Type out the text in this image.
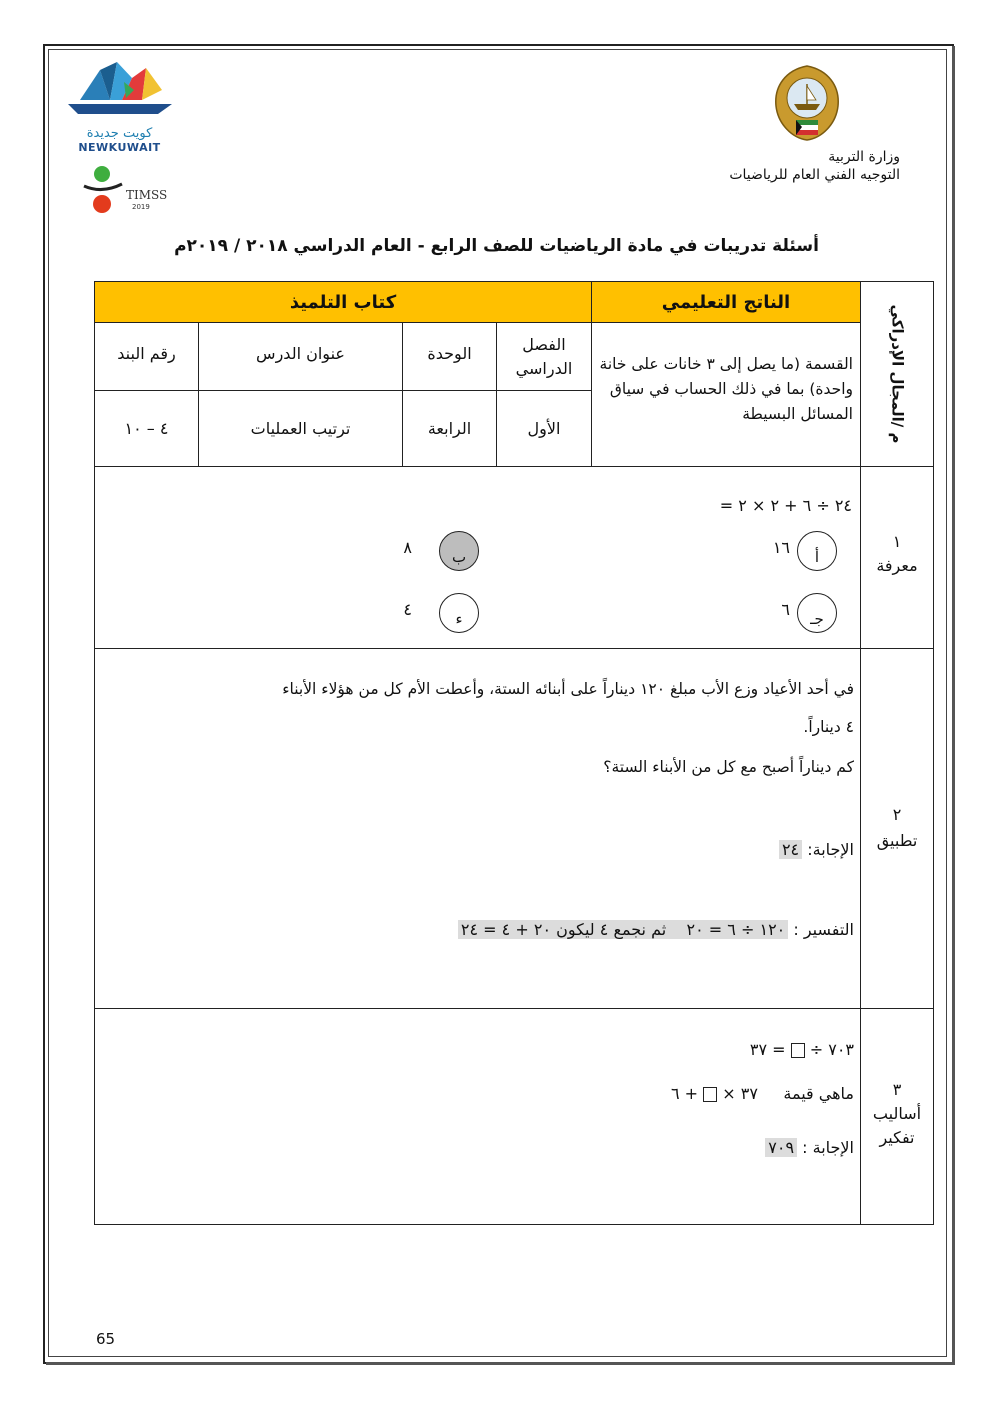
كويت جديدة
NEWKUWAIT
TIMSS
2019
وزارة التربية
التوجيه الفني العام للرياضيات
أسئلة تدريبات في مادة الرياضيات للصف الرابع - العام الدراسي ٢٠١٨ / ٢٠١٩م
كتاب التلميذ	الناتج التعليمي
م /المجال الإدراكي
القسمة (ما يصل إلى ٣ خانات على خانة واحدة) بما في ذلك الحساب في سياق المسائل البسيطة
الفصل الدراسي
الوحدة
عنوان الدرس
رقم البند
الأول
الرابعة
ترتيب العمليات
٤ – ١٠
١
معرفة
٢٤ ÷ ٦ + ٢ × ٢ =
أ
١٦
ب
٨
جـ
٦
ء
٤
٢
تطبيق
في أحد الأعياد وزع الأب مبلغ ١٢٠ ديناراً على أبنائه الستة، وأعطت الأم كل من هؤلاء الأبناء
٤ ديناراً.
كم ديناراً أصبح مع كل من الأبناء الستة؟
الإجابة: ٢٤
التفسير : ١٢٠ ÷ ٦ = ٢٠    ثم نجمع ٤ ليكون ٢٠ + ٤ = ٢٤
٣
أساليب
تفكير
٧٠٣ ÷  = ٣٧
ماهي قيمة     ٣٧ ×  + ٦
الإجابة : ٧٠٩
65
